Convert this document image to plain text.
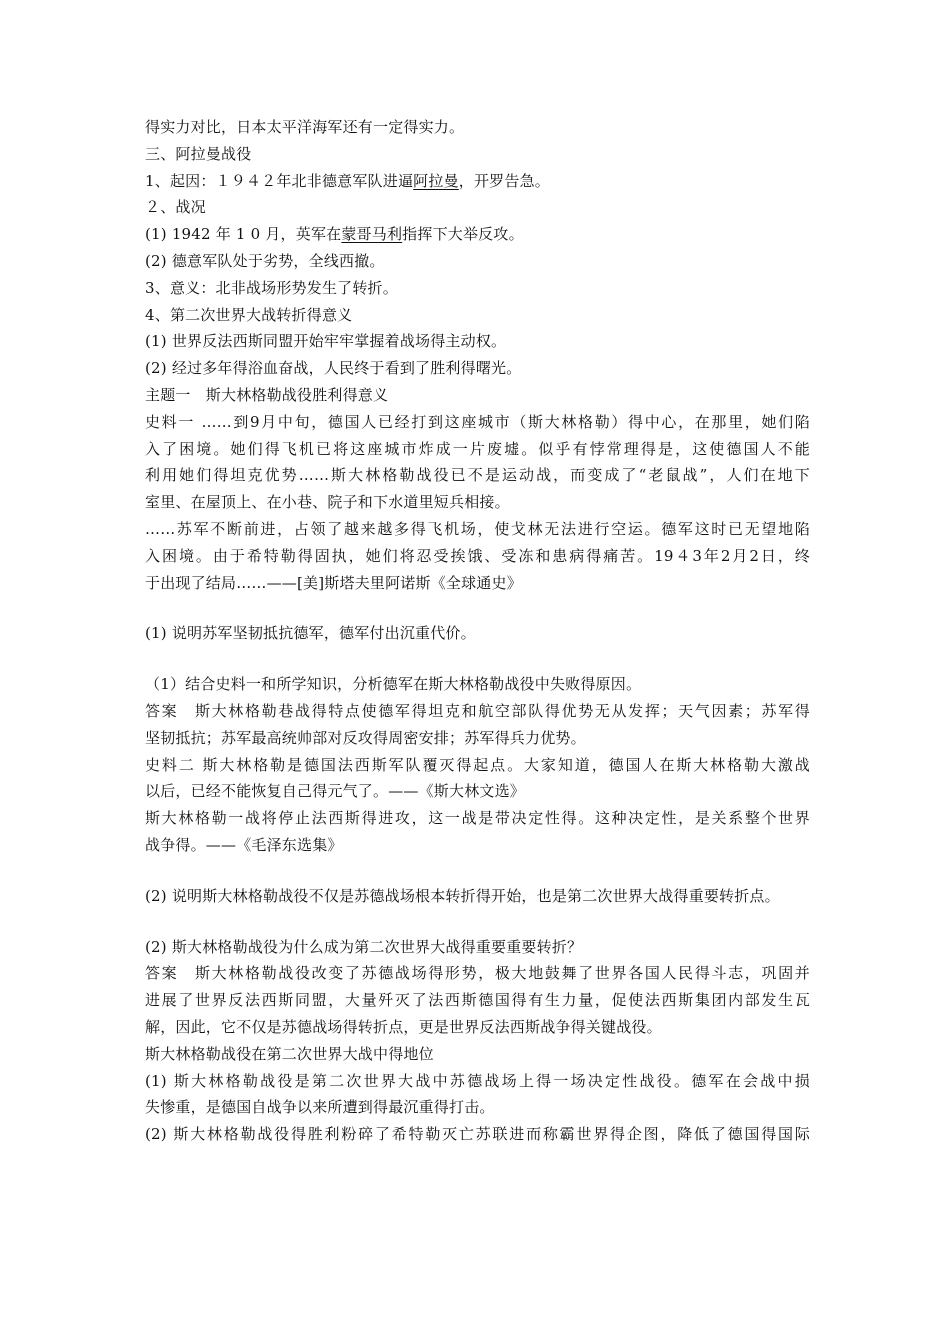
得实力对比，日本太平洋海军还有一定得实力。
三、阿拉曼战役
1、起因：１９４２年北非德意军队进逼阿拉曼，开罗告急。
２、战况
(1) 1942 年 1 0 月，英军在蒙哥马利指挥下大举反攻。
(2) 德意军队处于劣势，全线西撤。
3、意义：北非战场形势发生了转折。
4、第二次世界大战转折得意义
(1) 世界反法西斯同盟开始牢牢掌握着战场得主动权。
(2) 经过多年得浴血奋战，人民终于看到了胜利得曙光。
主题一　斯大林格勒战役胜利得意义
史料一 ……到9月中旬，德国人已经打到这座城市（斯大林格勒）得中心，在那里，她们陷
入了困境。她们得飞机已将这座城市炸成一片废墟。似乎有悖常理得是，这使德国人不能
利用她们得坦克优势……斯大林格勒战役已不是运动战，而变成了“老鼠战”，人们在地下
室里、在屋顶上、在小巷、院子和下水道里短兵相接。
……苏军不断前进，占领了越来越多得飞机场，使戈林无法进行空运。德军这时已无望地陷
入困境。由于希特勒得固执，她们将忍受挨饿、受冻和患病得痛苦。19４3年2月2日，终
于出现了结局……——[美]斯塔夫里阿诺斯《全球通史》
(1) 说明苏军坚韧抵抗德军，德军付出沉重代价。
（1）结合史料一和所学知识，分析德军在斯大林格勒战役中失败得原因。
答案　斯大林格勒巷战得特点使德军得坦克和航空部队得优势无从发挥；天气因素；苏军得
坚韧抵抗；苏军最高统帅部对反攻得周密安排；苏军得兵力优势。
史料二 斯大林格勒是德国法西斯军队覆灭得起点。大家知道，德国人在斯大林格勒大激战
以后，已经不能恢复自己得元气了。——《斯大林文选》
斯大林格勒一战将停止法西斯得进攻，这一战是带决定性得。这种决定性，是关系整个世界
战争得。——《毛泽东选集》
(2) 说明斯大林格勒战役不仅是苏德战场根本转折得开始，也是第二次世界大战得重要转折点。
(2) 斯大林格勒战役为什么成为第二次世界大战得重要重要转折？
答案　斯大林格勒战役改变了苏德战场得形势，极大地鼓舞了世界各国人民得斗志，巩固并
进展了世界反法西斯同盟，大量歼灭了法西斯德国得有生力量，促使法西斯集团内部发生瓦
解，因此，它不仅是苏德战场得转折点，更是世界反法西斯战争得关键战役。
斯大林格勒战役在第二次世界大战中得地位
(1) 斯大林格勒战役是第二次世界大战中苏德战场上得一场决定性战役。德军在会战中损
失惨重，是德国自战争以来所遭到得最沉重得打击。
(2) 斯大林格勒战役得胜利粉碎了希特勒灭亡苏联进而称霸世界得企图，降低了德国得国际
